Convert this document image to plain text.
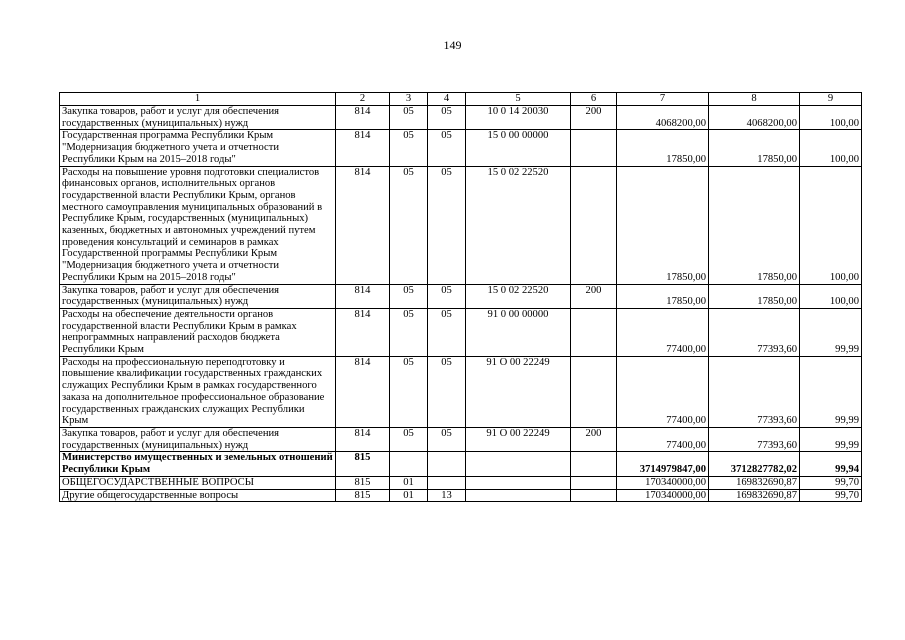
149
1	2	3	4	5	6	7	8	9
Закупка товаров, работ и услуг для обеспечения государственных (муниципальных) нужд	814	05	05	10 0 14 20030	200	4068200,00	4068200,00	100,00
Государственная программа Республики Крым "Модернизация бюджетного учета и отчетности Республики Крым на 2015–2018 годы"	814	05	05	15 0 00 00000		17850,00	17850,00	100,00
Расходы на повышение уровня подготовки специалистов финансовых органов, исполнительных органов государственной власти Республики Крым, органов местного самоуправления муниципальных образований в Республике Крым, государственных (муниципальных) казенных, бюджетных и автономных учреждений путем проведения консультаций и семинаров в рамках Государственной программы Республики Крым "Модернизация бюджетного учета и отчетности Республики Крым на 2015–2018 годы"	814	05	05	15 0 02 22520		17850,00	17850,00	100,00
Закупка товаров, работ и услуг для обеспечения государственных (муниципальных) нужд	814	05	05	15 0 02 22520	200	17850,00	17850,00	100,00
Расходы на обеспечение деятельности органов государственной власти Республики Крым в рамках непрограммных направлений расходов бюджета Республики Крым	814	05	05	91 0 00 00000		77400,00	77393,60	99,99
Расходы на профессиональную переподготовку и повышение квалификации государственных гражданских служащих Республики Крым в рамках государственного заказа на дополнительное профессиональное образование государственных гражданских служащих Республики Крым	814	05	05	91 О 00 22249		77400,00	77393,60	99,99
Закупка товаров, работ и услуг для обеспечения государственных (муниципальных) нужд	814	05	05	91 О 00 22249	200	77400,00	77393,60	99,99
Министерство имущественных и земельных отношений Республики Крым	815					3714979847,00	3712827782,02	99,94
ОБЩЕГОСУДАРСТВЕННЫЕ ВОПРОСЫ	815	01				170340000,00	169832690,87	99,70
Другие общегосударственные вопросы	815	01	13			170340000,00	169832690,87	99,70
